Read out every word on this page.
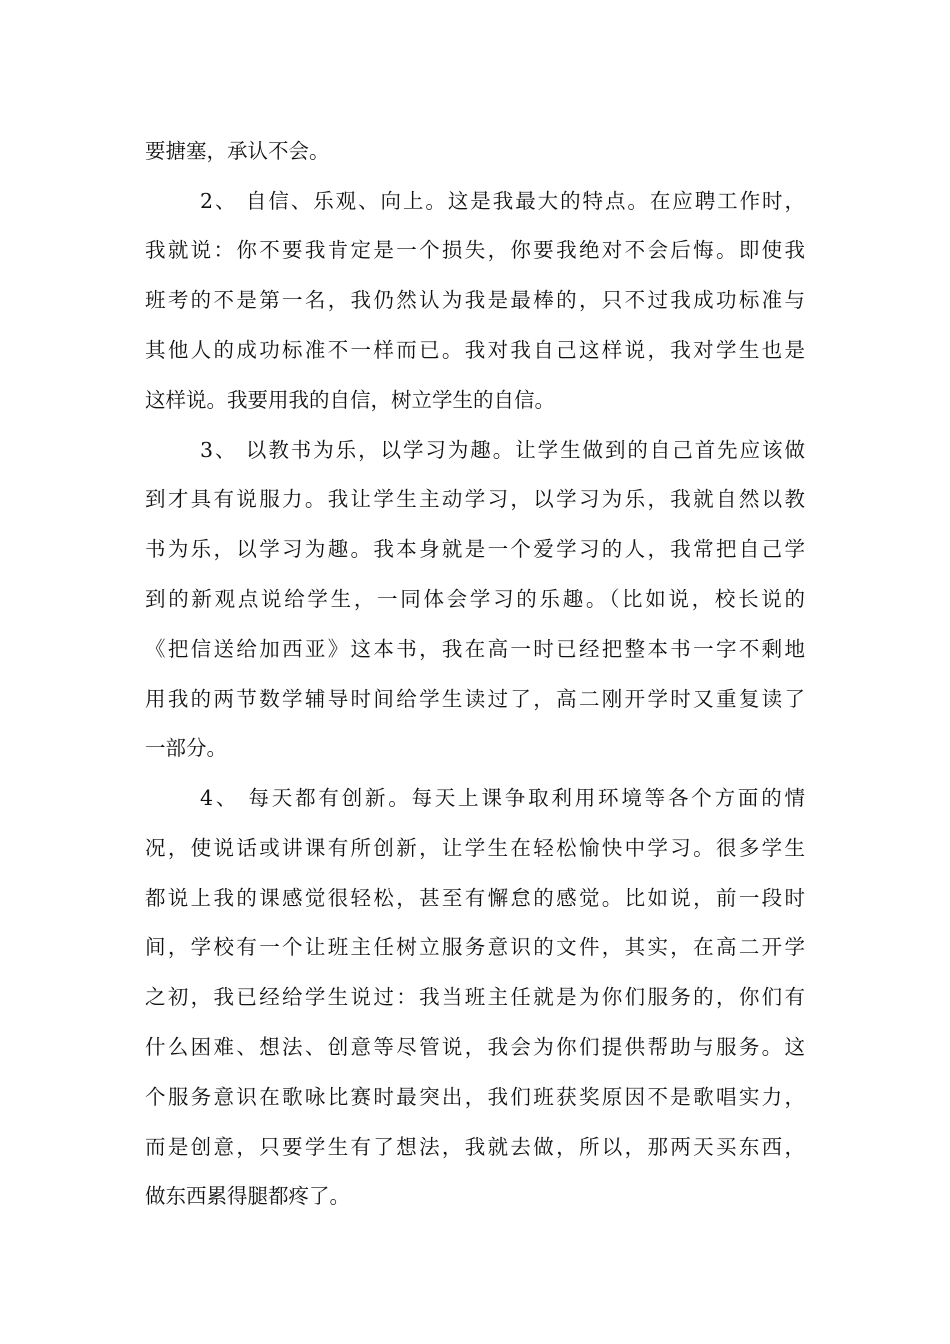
要搪塞，承认不会。
2、 自信、乐观、向上。这是我最大的特点。在应聘工作时，
我就说：你不要我肯定是一个损失，你要我绝对不会后悔。即使我
班考的不是第一名，我仍然认为我是最棒的，只不过我成功标准与
其他人的成功标准不一样而已。我对我自己这样说，我对学生也是
这样说。我要用我的自信，树立学生的自信。
3、 以教书为乐，以学习为趣。让学生做到的自己首先应该做
到才具有说服力。我让学生主动学习，以学习为乐，我就自然以教
书为乐，以学习为趣。我本身就是一个爱学习的人，我常把自己学
到的新观点说给学生，一同体会学习的乐趣。（比如说，校长说的
《把信送给加西亚》这本书，我在高一时已经把整本书一字不剩地
用我的两节数学辅导时间给学生读过了，高二刚开学时又重复读了
一部分。
4、 每天都有创新。每天上课争取利用环境等各个方面的情
况，使说话或讲课有所创新，让学生在轻松愉快中学习。很多学生
都说上我的课感觉很轻松，甚至有懈怠的感觉。比如说，前一段时
间，学校有一个让班主任树立服务意识的文件，其实，在高二开学
之初，我已经给学生说过：我当班主任就是为你们服务的，你们有
什么困难、想法、创意等尽管说，我会为你们提供帮助与服务。这
个服务意识在歌咏比赛时最突出，我们班获奖原因不是歌唱实力，
而是创意，只要学生有了想法，我就去做，所以，那两天买东西，
做东西累得腿都疼了。
